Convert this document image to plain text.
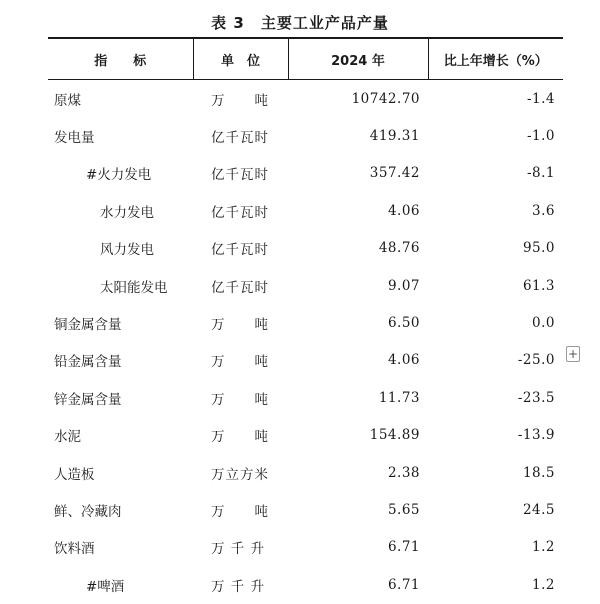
表 3　主要工业产品产量
指　　标	单　位	2024 年	比上年增长（%）
原煤	万　　吨	10742.70	-1.4
发电量	亿千瓦时	419.31	-1.0
#火力发电	亿千瓦时	357.42	-8.1
水力发电	亿千瓦时	4.06	3.6
风力发电	亿千瓦时	48.76	95.0
太阳能发电	亿千瓦时	9.07	61.3
铜金属含量	万　　吨	6.50	0.0
铅金属含量	万　　吨	4.06	-25.0
锌金属含量	万　　吨	11.73	-23.5
水泥	万　　吨	154.89	-13.9
人造板	万立方米	2.38	18.5
鲜、冷藏肉	万　　吨	5.65	24.5
饮料酒	万 千 升	6.71	1.2
#啤酒	万 千 升	6.71	1.2
+
